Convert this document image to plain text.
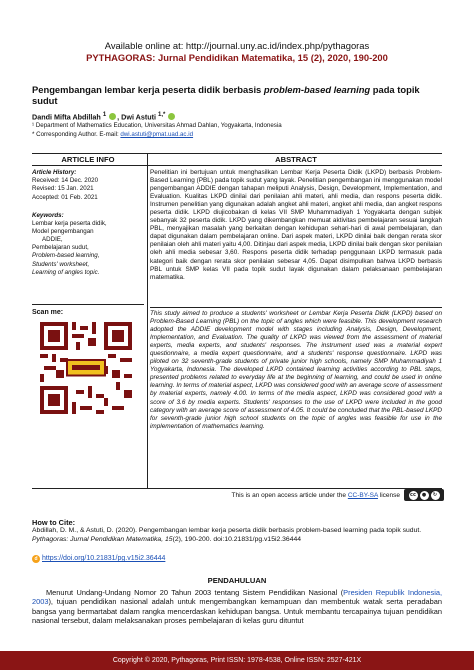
Available online at: http://journal.uny.ac.id/index.php/pythagoras
PYTHAGORAS: Jurnal Pendidikan Matematika, 15 (2), 2020, 190-200
Pengembangan lembar kerja peserta didik berbasis problem-based learning pada topik sudut
Dandi Mifta Abdillah $^1$ , Dwi Astuti $^{1,*}$
¹ Department of Mathematics Education, Universitas Ahmad Dahlan, Yogyakarta, Indonesia
* Corresponding Author. E-mail: dwi.astuti@pmat.uad.ac.id
ARTICLE INFO	ABSTRACT
Article History:
Received: 14 Dec. 2020
Revised: 15 Jan. 2021
Accepted: 01 Feb. 2021
Keywords:
Lembar kerja peserta didik,
Model pengembangan
ADDIE,
Pembelajaran sudut,
Problem-based learning,
Students' worksheet,
Learning of angles topic.
Scan me:
Penelitian ini bertujuan untuk menghasilkan Lembar Kerja Peserta Didik (LKPD) berbasis Problem-Based Learning (PBL) pada topik sudut yang layak. Penelitian pengembangan ini menggunakan model pengembangan ADDIE dengan tahapan meliputi Analysis, Design, Development, Implementation, and Evaluation. Kualitas LKPD dinilai dari penilaian ahli materi, ahli media, dan respons peserta didik. Instrumen penelitian yang digunakan adalah angket ahli materi, angket ahli media, dan angket respons peserta didik. LKPD diujicobakan di kelas VII SMP Muhammadiyah 1 Yogyakarta dengan subjek sebanyak 32 peserta didik. LKPD yang dikembangkan memuat aktivitas pembelajaran sesuai langkah PBL, menyajikan masalah yang berkaitan dengan kehidupan sehari-hari di awal pembelajaran, dan dapat digunakan dalam pembelajaran online. Dari aspek materi, LKPD dinilai baik dengan rerata skor penilaian oleh ahli materi yaitu 4,00. Ditinjau dari aspek media, LKPD dinilai baik dengan skor penilaian oleh ahli media sebesar 3,60. Respons peserta didik terhadap penggunaan LKPD termasuk pada kategori baik dengan rerata skor penilaian sebesar 4,05. Dapat disimpulkan bahwa LKPD berbasis PBL untuk SMP kelas VII pada topik sudut layak digunakan dalam pelaksanaan pembelajaran matematika.
This study aimed to produce a students' worksheet or Lembar Kerja Peserta Didik (LKPD) based on Problem-Based Learning (PBL) on the topic of angles which were feasible. This development research adopted the ADDIE development model with stages including Analysis, Design, Development, Implementation, and Evaluation. The quality of LKPD was viewed from the assessment of material experts, media experts, and students' responses. The instrument used was a material expert questionnaire, a media expert questionnaire, and a students' response questionnaire. LKPD was piloted on 32 seventh-grade students of private junior high schools, namely SMP Muhammadiyah 1 Yogyakarta, Indonesia. The developed LKPD contained learning activities according to PBL steps, presented problems related to everyday life at the beginning of learning, and could be used in online learning. In terms of material aspect, LKPD was considered good with an average score of assessment by material experts, namely 4.00. In terms of the media aspect, LKPD was considered good with a score of 3.6 by media experts. Students' responses to the use of LKPD were included in the good category with an average score of assessment of 4.05. It could be concluded that the PBL-based LKPD for seventh-grade junior high school students on the topic of angles was feasible for use in the implementation of mathematics learning.
This is an open access article under the CC-BY-SA license	cc	●	↻
How to Cite:
Abdillah, D. M., & Astuti, D. (2020). Pengembangan lembar kerja peserta didik berbasis problem-based learning pada topik sudut. Pythagoras: Jurnal Pendidikan Matematika, 15(2), 190-200. doi:10.21831/pg.v15i2.36444
d https://doi.org/10.21831/pg.v15i2.36444
PENDAHULUAN
Menurut Undang-Undang Nomor 20 Tahun 2003 tentang Sistem Pendidikan Nasional (Presiden Republik Indonesia, 2003), tujuan pendidikan nasional adalah untuk mengembangkan kemampuan dan membentuk watak serta peradaban bangsa yang bermartabat dalam rangka mencerdaskan kehidupan bangsa. Untuk membantu tercapainya tujuan pendidikan nasional tersebut, dalam melaksanakan proses pembelajaran di kelas guru dituntut
Copyright © 2020, Pythagoras, Print ISSN: 1978-4538, Online ISSN: 2527-421X
